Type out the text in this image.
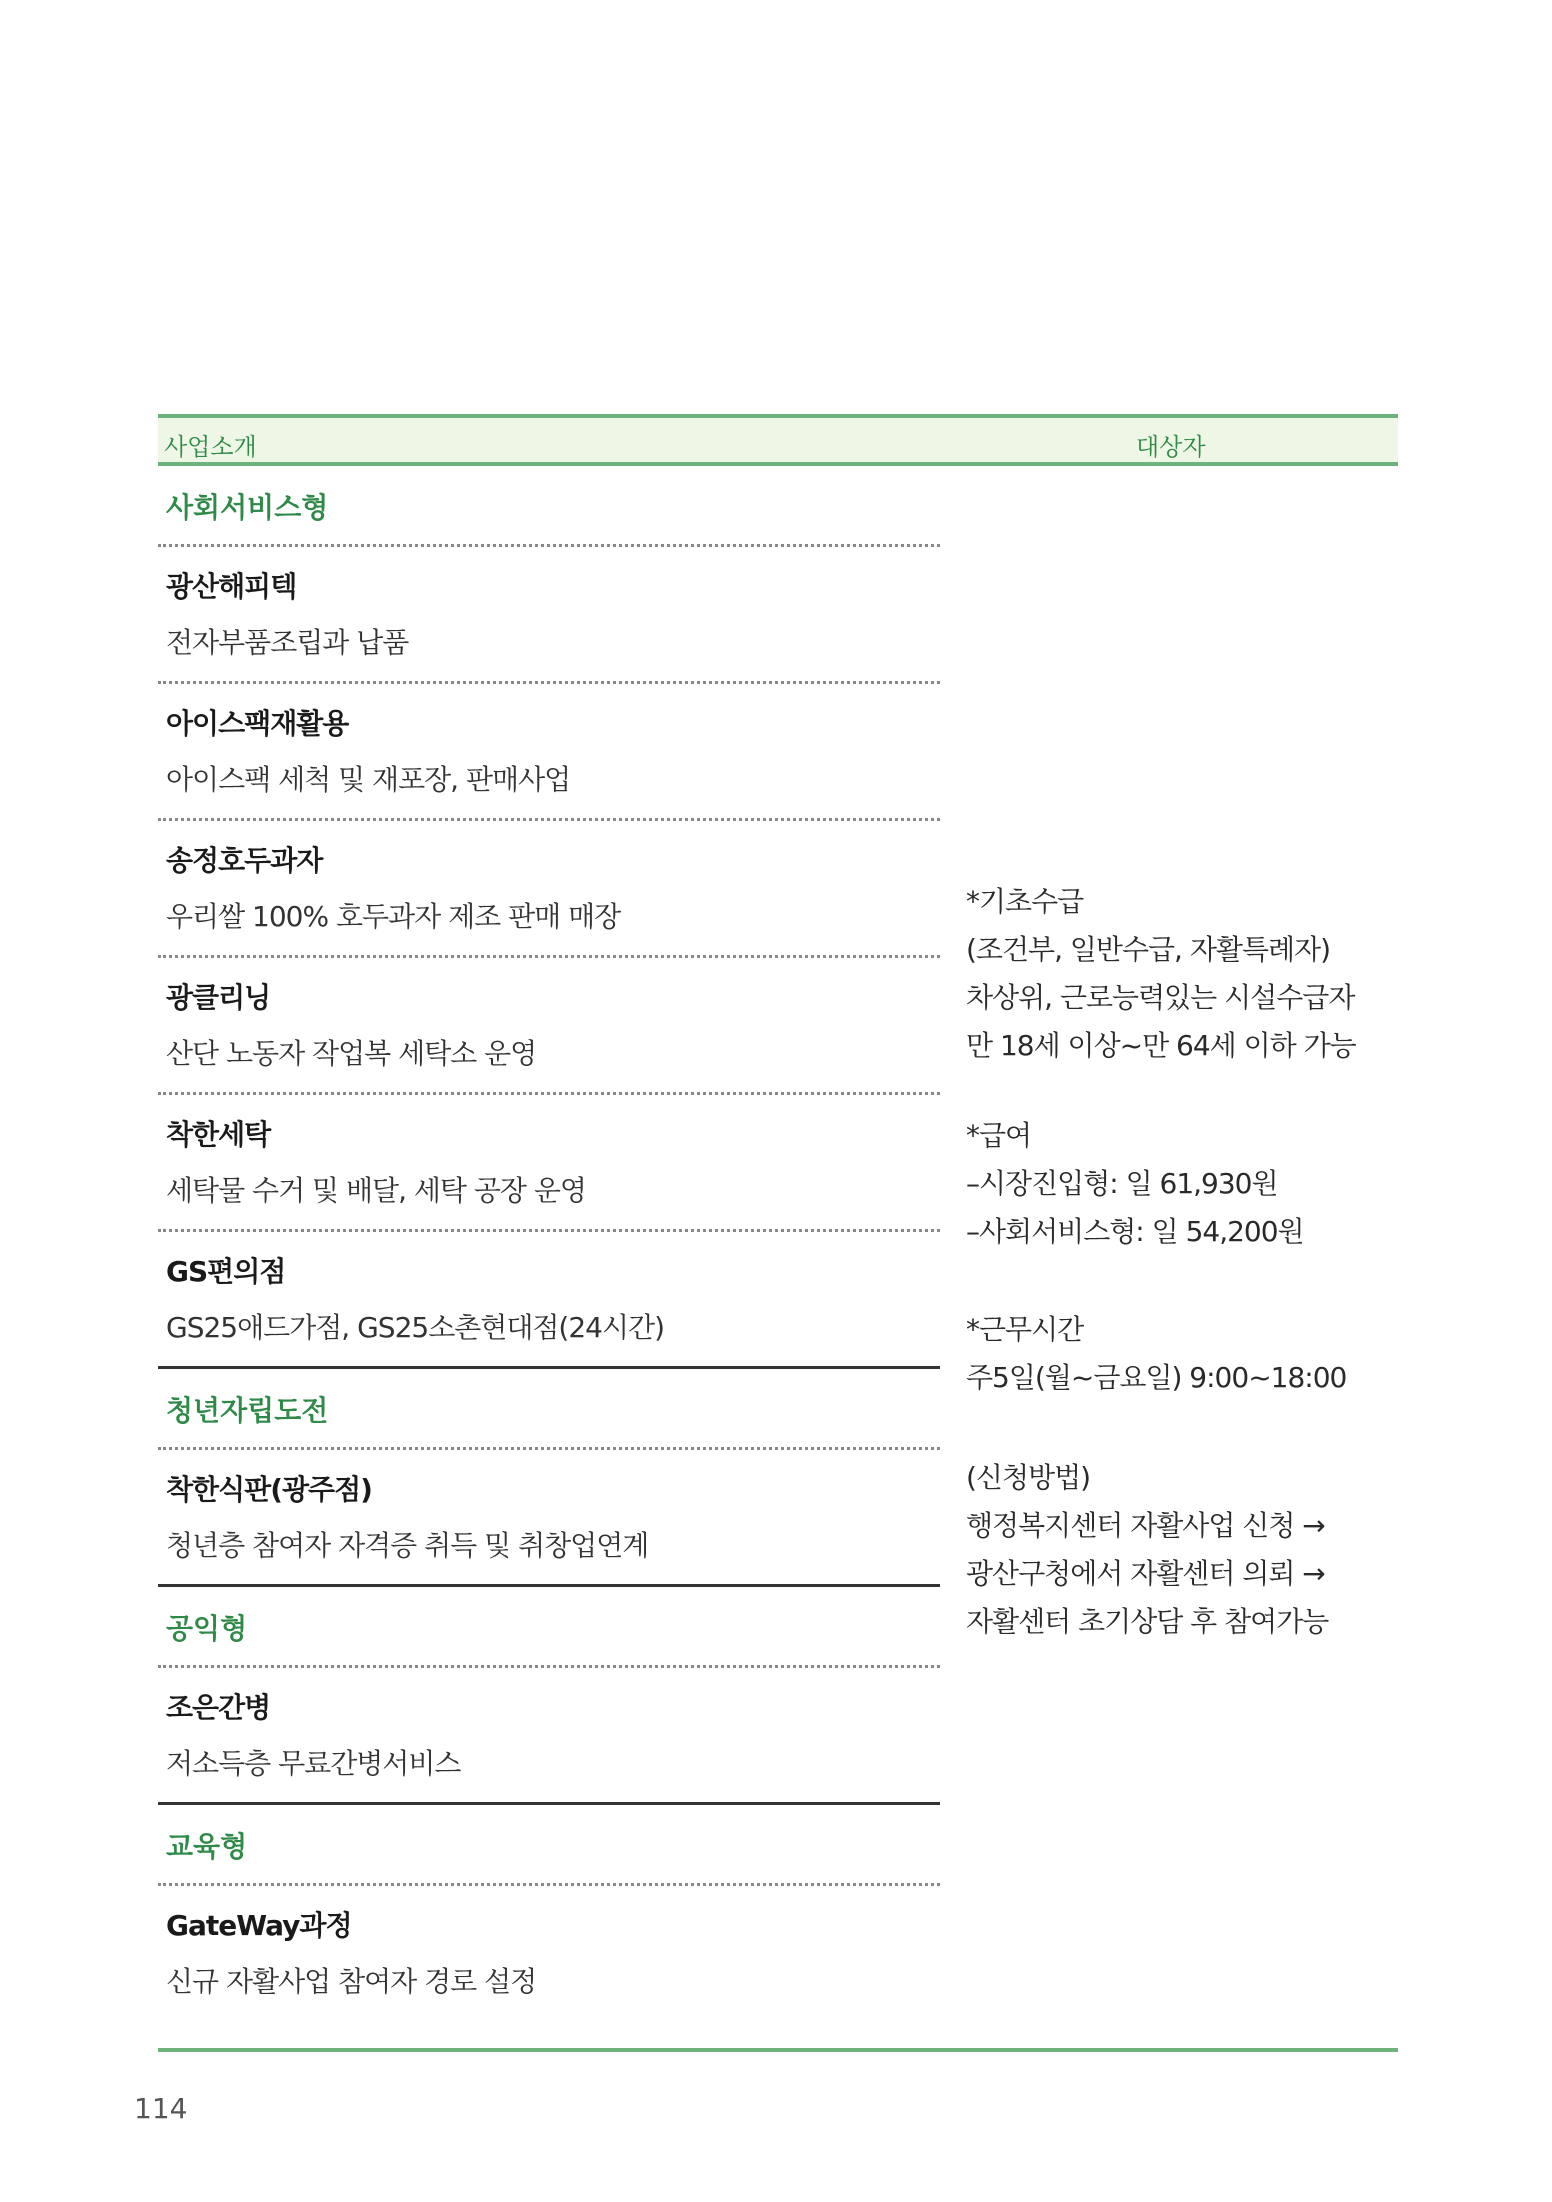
사업소개	대상자
사회서비스형
광산해피텍
전자부품조립과 납품
아이스팩재활용
아이스팩 세척 및 재포장, 판매사업
송정호두과자
우리쌀 100% 호두과자 제조 판매 매장
광클리닝
산단 노동자 작업복 세탁소 운영
착한세탁
세탁물 수거 및 배달, 세탁 공장 운영
GS편의점
GS25애드가점, GS25소촌현대점(24시간)
청년자립도전
착한식판(광주점)
청년층 참여자 자격증 취득 및 취창업연계
공익형
조은간병
저소득층 무료간병서비스
교육형
GateWay과정
신규 자활사업 참여자 경로 설정
*기초수급
(조건부, 일반수급, 자활특례자)
차상위, 근로능력있는 시설수급자
만 18세 이상~만 64세 이하 가능
*급여
–시장진입형: 일 61,930원
–사회서비스형: 일 54,200원
*근무시간
주5일(월~금요일) 9:00~18:00
(신청방법)
행정복지센터 자활사업 신청 →
광산구청에서 자활센터 의뢰 →
자활센터 초기상담 후 참여가능
114
